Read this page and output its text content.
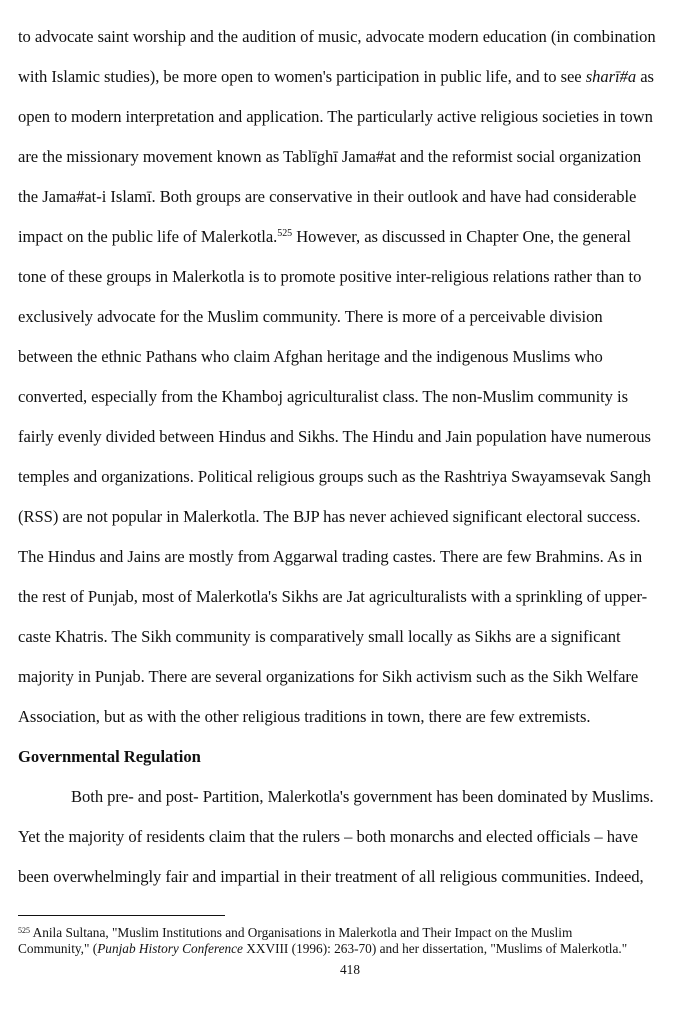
to advocate saint worship and the audition of music, advocate modern education (in combination
with Islamic studies), be more open to women's participation in public life, and to see sharī#a as
open to modern interpretation and application. The particularly active religious societies in town
are the missionary movement known as Tablīghī Jama#at and the reformist social organization
the Jama#at-i Islamī. Both groups are conservative in their outlook and have had considerable
impact on the public life of Malerkotla.$^{525}$ However, as discussed in Chapter One, the general
tone of these groups in Malerkotla is to promote positive inter-religious relations rather than to
exclusively advocate for the Muslim community. There is more of a perceivable division
between the ethnic Pathans who claim Afghan heritage and the indigenous Muslims who
converted, especially from the Khamboj agriculturalist class. The non-Muslim community is
fairly evenly divided between Hindus and Sikhs. The Hindu and Jain population have numerous
temples and organizations. Political religious groups such as the Rashtriya Swayamsevak Sangh
(RSS) are not popular in Malerkotla. The BJP has never achieved significant electoral success.
The Hindus and Jains are mostly from Aggarwal trading castes. There are few Brahmins. As in
the rest of Punjab, most of Malerkotla's Sikhs are Jat agriculturalists with a sprinkling of upper-
caste Khatris. The Sikh community is comparatively small locally as Sikhs are a significant
majority in Punjab. There are several organizations for Sikh activism such as the Sikh Welfare
Association, but as with the other religious traditions in town, there are few extremists.
Governmental Regulation
Both pre- and post- Partition, Malerkotla's government has been dominated by Muslims.
Yet the majority of residents claim that the rulers – both monarchs and elected officials – have
been overwhelmingly fair and impartial in their treatment of all religious communities. Indeed,
$^{525}$ Anila Sultana, "Muslim Institutions and Organisations in Malerkotla and Their Impact on the Muslim
Community," (Punjab History Conference XXVIII (1996): 263-70) and her dissertation, "Muslims of Malerkotla."
418
